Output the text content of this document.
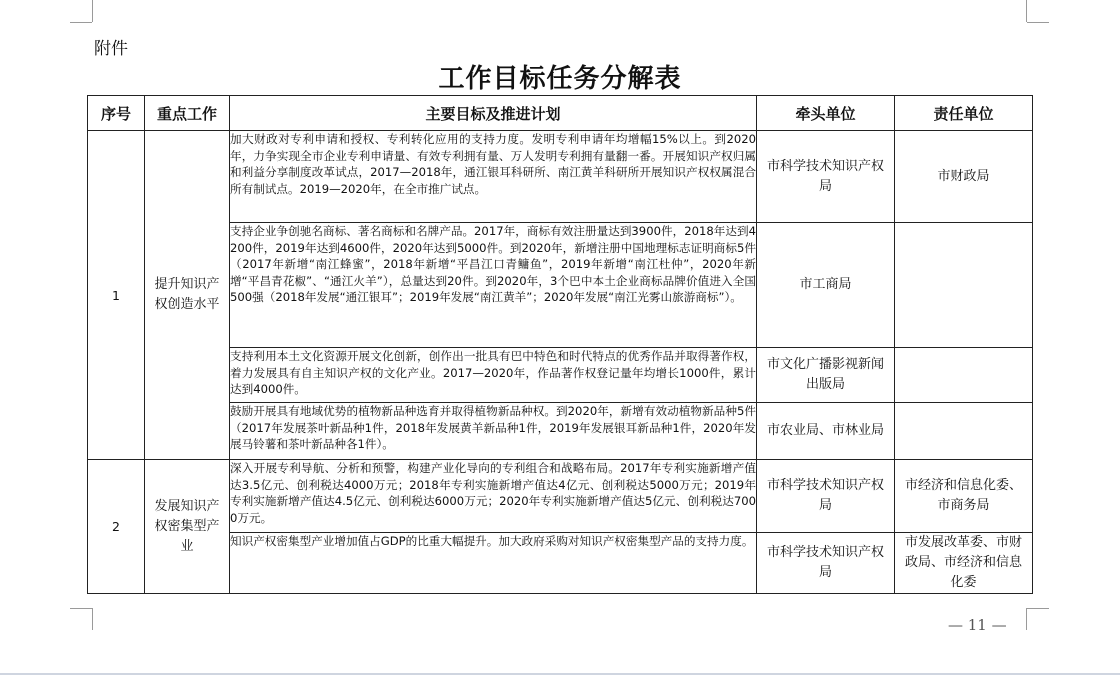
附件
工作目标任务分解表
序号	重点工作	主要目标及推进计划	牵头单位	责任单位
1	提升知识产权创造水平	加大财政对专利申请和授权、专利转化应用的支持力度。发明专利申请年均增幅15%以上。到2020年，力争实现全市企业专利申请量、有效专利拥有量、万人发明专利拥有量翻一番。开展知识产权归属和利益分享制度改革试点，2017—2018年，通江银耳科研所、南江黄羊科研所开展知识产权权属混合所有制试点。2019—2020年，在全市推广试点。	市科学技术知识产权局	市财政局

		支持企业争创驰名商标、著名商标和名牌产品。2017年，商标有效注册量达到3900件，2018年达到4200件，2019年达到4600件，2020年达到5000件。到2020年，新增注册中国地理标志证明商标5件（2017年新增“南江蜂蜜”，2018年新增“平昌江口青鳙鱼”，2019年新增“南江杜仲”，2020年新增“平昌青花椒”、“通江火羊”），总量达到20件。到2020年，3个巴中本土企业商标品牌价值进入全国500强（2018年发展“通江银耳”；2019年发展“南江黄羊”；2020年发展“南江光雾山旅游商标”）。	市工商局	

		支持利用本土文化资源开展文化创新，创作出一批具有巴中特色和时代特点的优秀作品并取得著作权，着力发展具有自主知识产权的文化产业。2017—2020年，作品著作权登记量年均增长1000件，累计达到4000件。	市文化广播影视新闻出版局	

		鼓励开展具有地域优势的植物新品种选育并取得植物新品种权。到2020年，新增有效动植物新品种5件（2017年发展茶叶新品种1件，2018年发展黄羊新品种1件，2019年发展银耳新品种1件，2020年发展马铃薯和茶叶新品种各1件）。	市农业局、市林业局	

2	发展知识产权密集型产业	深入开展专利导航、分析和预警，构建产业化导向的专利组合和战略布局。2017年专利实施新增产值达3.5亿元、创利税达4000万元；2018年专利实施新增产值达4亿元、创利税达5000万元；2019年专利实施新增产值达4.5亿元、创利税达6000万元；2020年专利实施新增产值达5亿元、创利税达7000万元。	市科学技术知识产权局	市经济和信息化委、市商务局

		知识产权密集型产业增加值占GDP的比重大幅提升。加大政府采购对知识产权密集型产品的支持力度。	市科学技术知识产权局	市发展改革委、市财政局、市经济和信息化委
— 11 —
